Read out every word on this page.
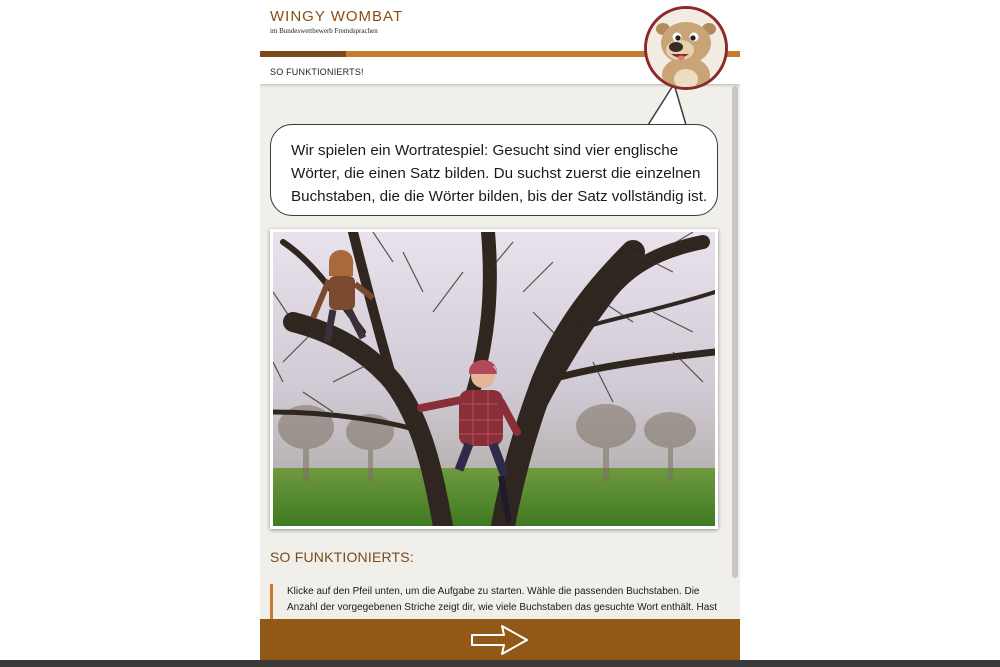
WINGY WOMBAT
im Bundeswettbewerb Fremdsprachen
SO FUNKTIONIERTS!
Wir spielen ein Wortratespiel: Gesucht sind vier englische Wörter, die einen Satz bilden. Du suchst zuerst die einzelnen Buchstaben, die die Wörter bilden, bis der Satz vollständig ist.
SO FUNKTIONIERTS:
Klicke auf den Pfeil unten, um die Aufgabe zu starten. Wähle die passenden Buchstaben. Die Anzahl der vorgegebenen Striche zeigt dir, wie viele Buchstaben das gesuchte Wort enthält. Hast
